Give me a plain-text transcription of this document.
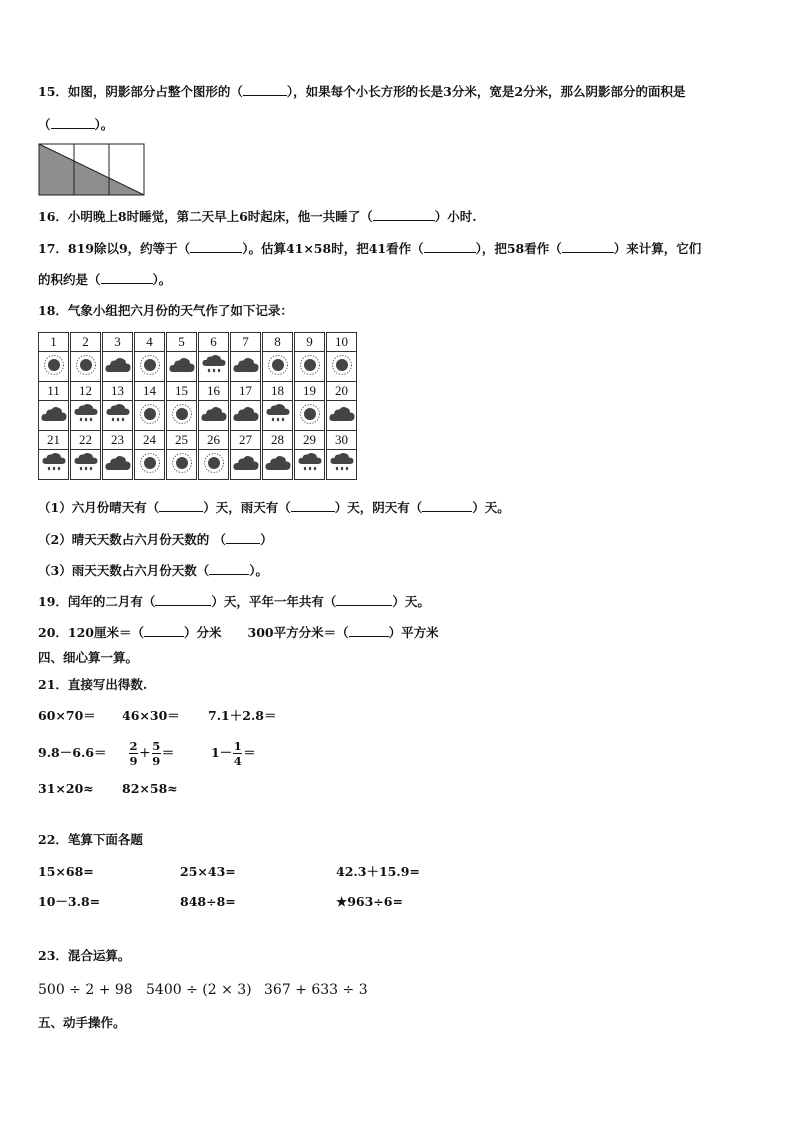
15．如图，阴影部分占整个图形的（	），如果每个小长方形的长是3分米，宽是2分米，那么阴影部分的面积是
（	）。
16．小明晚上8时睡觉，第二天早上6时起床，他一共睡了（	）小时.
17．819除以9，约等于（	）。估算41×58时，把41看作（	），把58看作（	）来计算，它们
的积约是（	）。
18．气象小组把六月份的天气作了如下记录：
1	2	3	4	5	6	7	8	9	10
11	12	13	14	15	16	17	18	19	20
21	22	23	24	25	26	27	28	29	30
（1）六月份晴天有（	）天，雨天有（	）天，阴天有（	）天。
（2）晴天天数占六月份天数的 （	）
（3）雨天天数占六月份天数（	）。
19．闰年的二月有（	）天，平年一年共有（	）天。
20．120厘米＝（	）分米 300平方分米＝（	）平方米
四、细心算一算。
21．直接写出得数.
60×70＝ 46×30＝ 7.1＋2.8＝
$9.8-6.6= \frac{2}{9} + \frac{5}{9}$ ＝	$1- \frac{1}{4}$ ＝
31×20≈ 82×58≈
22．笔算下面各题
15×68=	25×43=	42.3＋15.9=
10－3.8=	848÷8=	★963÷6=
23．混合运算。
500 ÷ 2 + 98 5400 ÷ (2 × 3) 367 + 633 ÷ 3
五、动手操作。
